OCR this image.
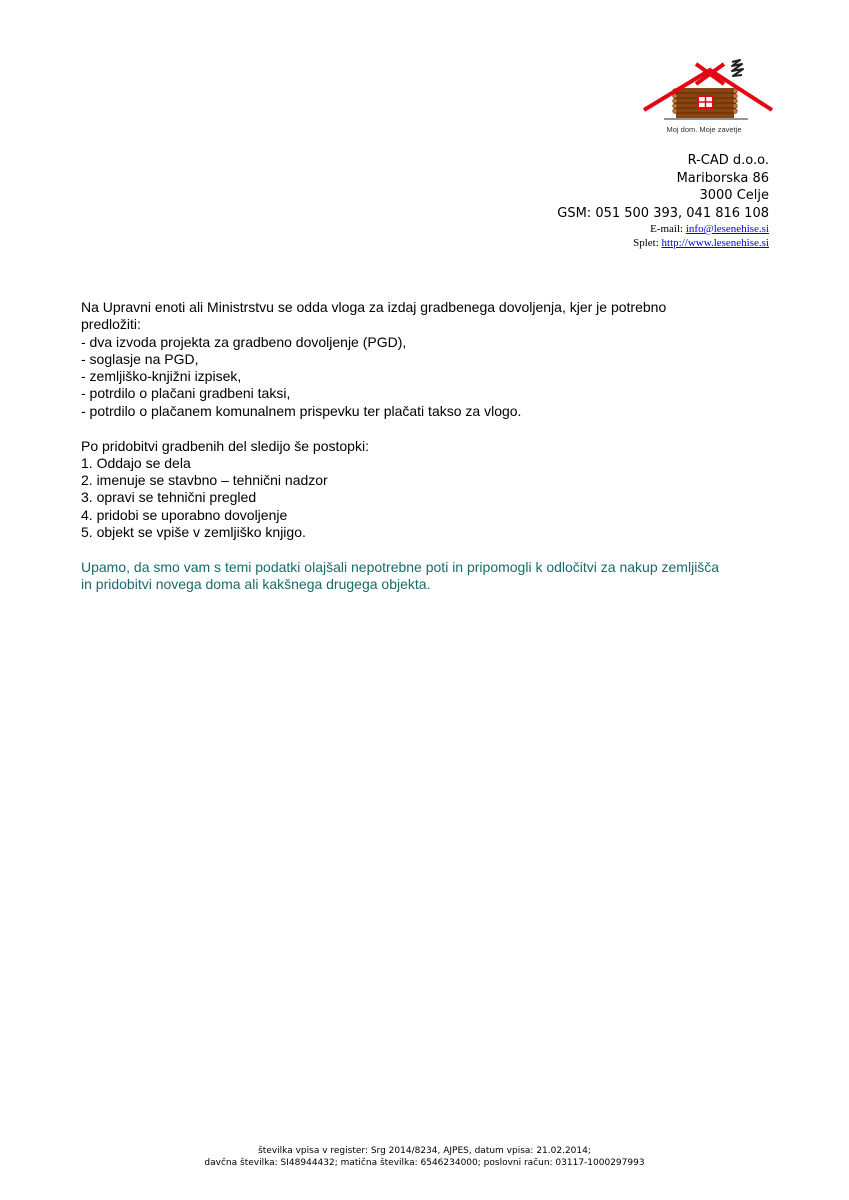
Moj dom. Moje zavetje
R-CAD d.o.o.
Mariborska 86
3000 Celje
GSM: 051 500 393, 041 816 108
E-mail: info@lesenehise.si
Splet: http://www.lesenehise.si
Na Upravni enoti ali Ministrstvu se odda vloga za izdaj gradbenega dovoljenja, kjer je potrebno
predložiti:
- dva izvoda projekta za gradbeno dovoljenje (PGD),
- soglasje na PGD,
- zemljiško-knjižni izpisek,
- potrdilo o plačani gradbeni taksi,
- potrdilo o plačanem komunalnem prispevku ter plačati takso za vlogo.
Po pridobitvi gradbenih del sledijo še postopki:
1. Oddajo se dela
2. imenuje se stavbno – tehnični nadzor
3. opravi se tehnični pregled
4. pridobi se uporabno dovoljenje
5. objekt se vpiše v zemljiško knjigo.
Upamo, da smo vam s temi podatki olajšali nepotrebne poti in pripomogli k odločitvi za nakup zemljišča
in pridobitvi novega doma ali kakšnega drugega objekta.
številka vpisa v register: Srg 2014/8234, AJPES, datum vpisa: 21.02.2014;
davčna številka: SI48944432; matična številka: 6546234000; poslovni račun: 03117-1000297993
